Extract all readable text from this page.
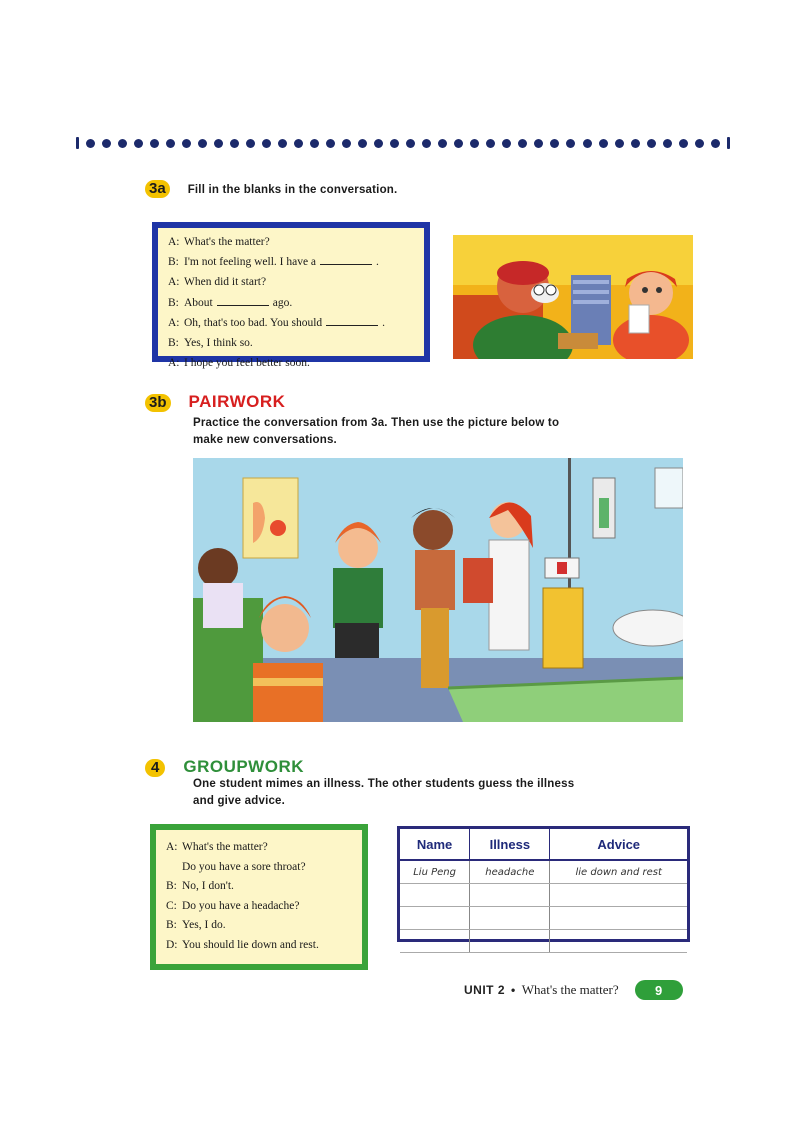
3a Fill in the blanks in the conversation.
A: What's the matter?
B: I'm not feeling well. I have a	.
A: When did it start?
B: About	ago.
A: Oh, that's too bad. You should	.
B: Yes, I think so.
A: I hope you feel better soon.
3b PAIRWORK
Practice the conversation from 3a. Then use the picture below to
make new conversations.
4 GROUPWORK
One student mimes an illness. The other students guess the illness
and give advice.
A: What's the matter?
Do you have a sore throat?
B: No, I don't.
C: Do you have a headache?
B: Yes, I do.
D: You should lie down and rest.
Name	Illness	Advice
Liu Peng	headache	lie down and rest

UNIT 2 • What's the matter?	9
